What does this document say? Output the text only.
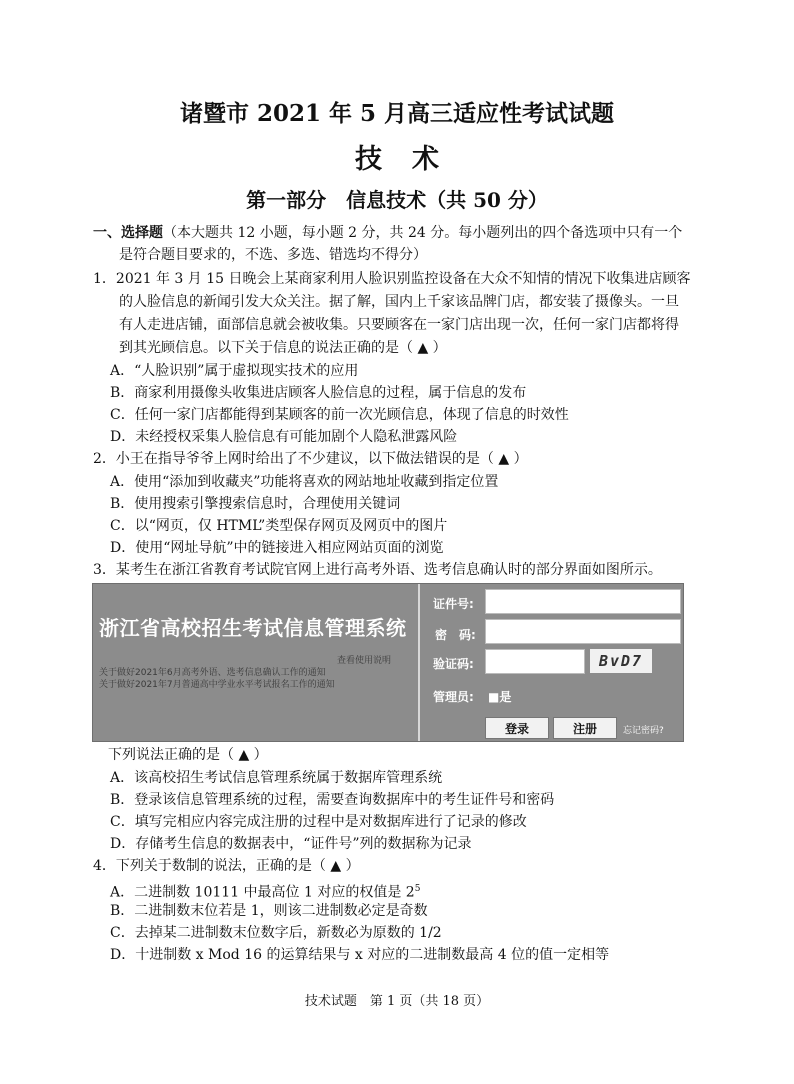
诸暨市 2021 年 5 月高三适应性考试试题
技术
第一部分　信息技术（共 50 分）
一、选择题（本大题共 12 小题，每小题 2 分，共 24 分。每小题列出的四个备选项中只有一个
是符合题目要求的，不选、多选、错选均不得分）
1．2021 年 3 月 15 日晚会上某商家利用人脸识别监控设备在大众不知情的情况下收集进店顾客
的人脸信息的新闻引发大众关注。据了解，国内上千家该品牌门店，都安装了摄像头。一旦
有人走进店铺，面部信息就会被收集。只要顾客在一家门店出现一次，任何一家门店都将得
到其光顾信息。以下关于信息的说法正确的是（ ▲ ）
A．“人脸识别”属于虚拟现实技术的应用
B．商家利用摄像头收集进店顾客人脸信息的过程，属于信息的发布
C．任何一家门店都能得到某顾客的前一次光顾信息，体现了信息的时效性
D．未经授权采集人脸信息有可能加剧个人隐私泄露风险
2．小王在指导爷爷上网时给出了不少建议，以下做法错误的是（ ▲ ）
A．使用“添加到收藏夹”功能将喜欢的网站地址收藏到指定位置
B．使用搜索引擎搜索信息时，合理使用关键词
C．以“网页，仅 HTML”类型保存网页及网页中的图片
D．使用“网址导航”中的链接进入相应网站页面的浏览
3．某考生在浙江省教育考试院官网上进行高考外语、选考信息确认时的部分界面如图所示。
浙江省高校招生考试信息管理系统
查看使用说明
关于做好2021年6月高考外语、选考信息确认工作的通知
关于做好2021年7月普通高中学业水平考试报名工作的通知
证件号:
密　码:
验证码:	BvD7
管理员: ■是
登录	注册	忘记密码?
下列说法正确的是（ ▲ ）
A．该高校招生考试信息管理系统属于数据库管理系统
B．登录该信息管理系统的过程，需要查询数据库中的考生证件号和密码
C．填写完相应内容完成注册的过程中是对数据库进行了记录的修改
D．存储考生信息的数据表中，“证件号”列的数据称为记录
4．下列关于数制的说法，正确的是（ ▲ ）
A．二进制数 10111 中最高位 1 对应的权值是 $2^5$
B．二进制数末位若是 1，则该二进制数必定是奇数
C．去掉某二进制数末位数字后，新数必为原数的 1/2
D．十进制数 x Mod 16 的运算结果与 x 对应的二进制数最高 4 位的值一定相等
技术试题　第 1 页（共 18 页）
